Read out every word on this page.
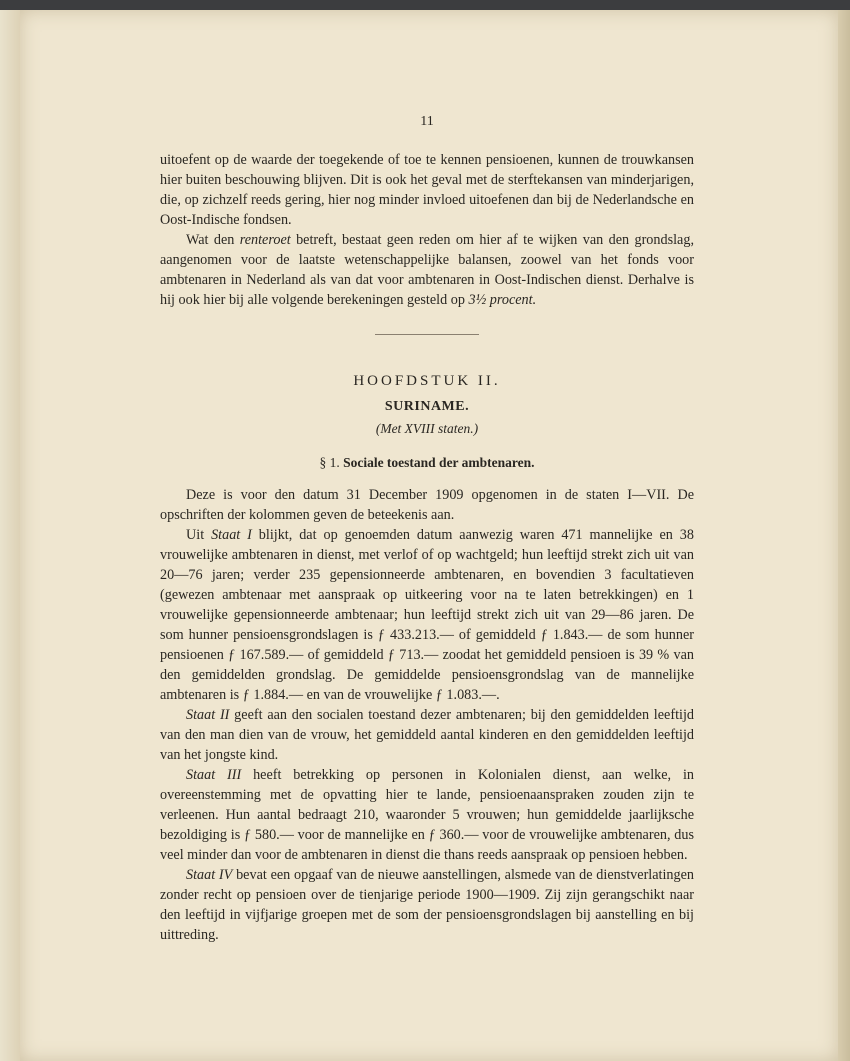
11

uitoefent op de waarde der toegekende of toe te kennen pensioenen, kunnen de trouwkansen hier buiten beschouwing blijven. Dit is ook het geval met de sterftekansen van minderjarigen, die, op zichzelf reeds gering, hier nog minder invloed uitoefenen dan bij de Nederlandsche en Oost-Indische fondsen.

Wat den renteroet betreft, bestaat geen reden om hier af te wijken van den grondslag, aangenomen voor de laatste wetenschappelijke balansen, zoowel van het fonds voor ambtenaren in Nederland als van dat voor ambtenaren in Oost-Indischen dienst. Derhalve is hij ook hier bij alle volgende berekeningen gesteld op 3½ procent.

HOOFDSTUK II.
SURINAME.
(Met XVIII staten.)
§ 1. Sociale toestand der ambtenaren.

Deze is voor den datum 31 December 1909 opgenomen in de staten I—VII. De opschriften der kolommen geven de beteekenis aan.

Uit Staat I blijkt, dat op genoemden datum aanwezig waren 471 mannelijke en 38 vrouwelijke ambtenaren in dienst, met verlof of op wachtgeld; hun leeftijd strekt zich uit van 20—76 jaren; verder 235 gepensionneerde ambtenaren, en bovendien 3 facultatieven (gewezen ambtenaar met aanspraak op uitkeering voor na te laten betrekkingen) en 1 vrouwelijke gepensionneerde ambtenaar; hun leeftijd strekt zich uit van 29—86 jaren. De som hunner pensioensgrondslagen is ƒ 433.213.— of gemiddeld ƒ 1.843.— de som hunner pensioenen ƒ 167.589.— of gemiddeld ƒ 713.— zoodat het gemiddeld pensioen is 39 % van den gemiddelden grondslag. De gemiddelde pensioensgrondslag van de mannelijke ambtenaren is ƒ 1.884.— en van de vrouwelijke ƒ 1.083.—.

Staat II geeft aan den socialen toestand dezer ambtenaren; bij den gemiddelden leeftijd van den man dien van de vrouw, het gemiddeld aantal kinderen en den gemiddelden leeftijd van het jongste kind.

Staat III heeft betrekking op personen in Kolonialen dienst, aan welke, in overeenstemming met de opvatting hier te lande, pensioenaanspraken zouden zijn te verleenen. Hun aantal bedraagt 210, waaronder 5 vrouwen; hun gemiddelde jaarlijksche bezoldiging is ƒ 580.— voor de mannelijke en ƒ 360.— voor de vrouwelijke ambtenaren, dus veel minder dan voor de ambtenaren in dienst die thans reeds aanspraak op pensioen hebben.

Staat IV bevat een opgaaf van de nieuwe aanstellingen, alsmede van de dienstverlatingen zonder recht op pensioen over de tienjarige periode 1900—1909. Zij zijn gerangschikt naar den leeftijd in vijfjarige groepen met de som der pensioensgrondslagen bij aanstelling en bij uittreding.
